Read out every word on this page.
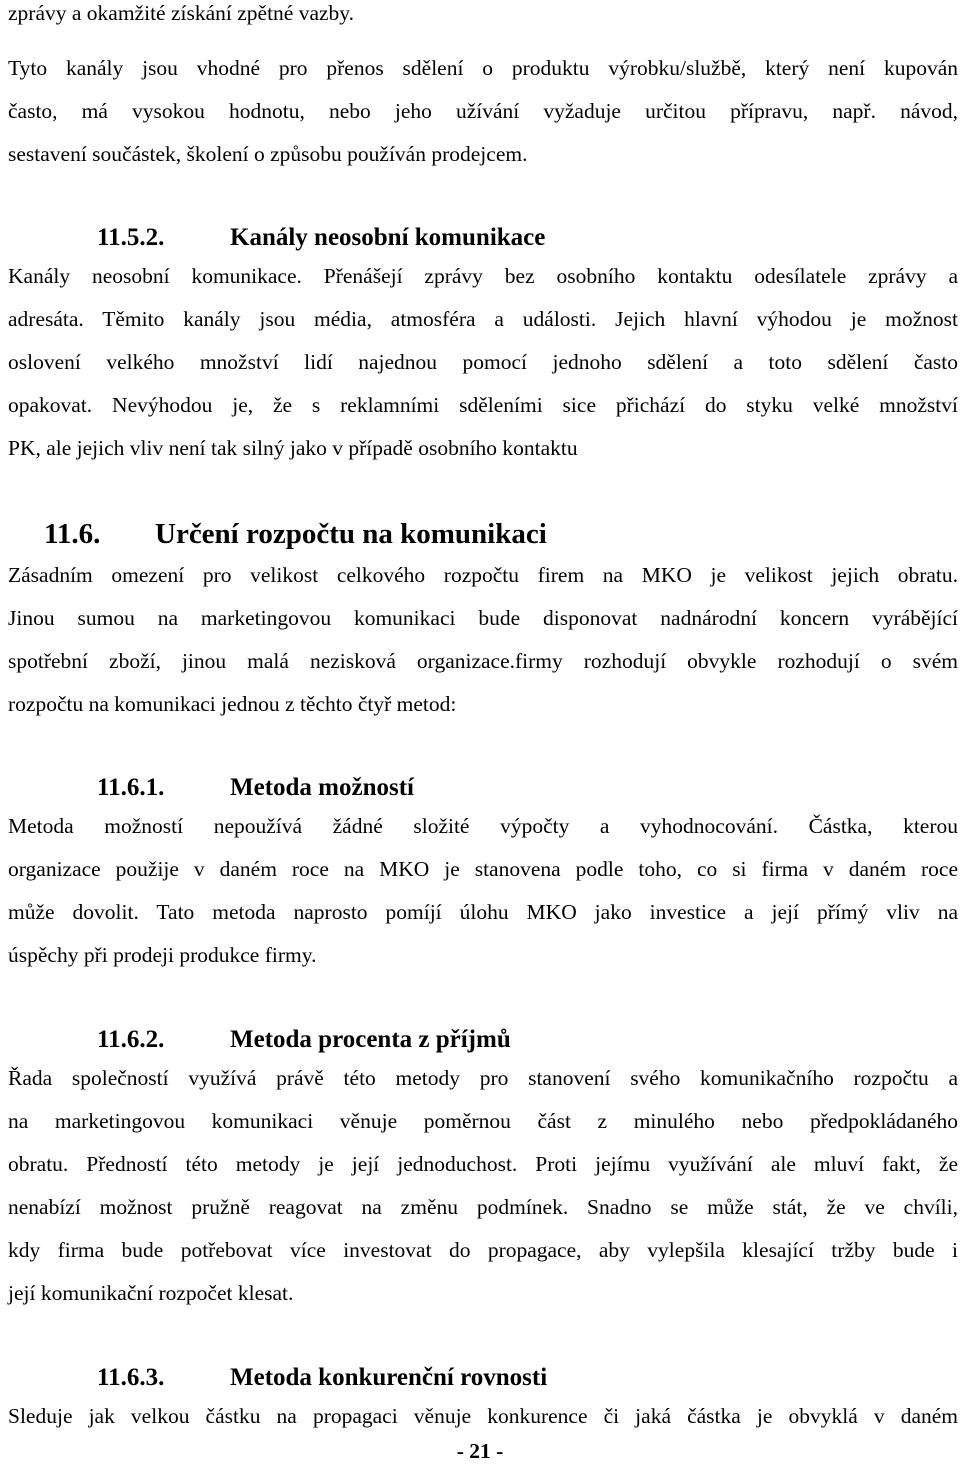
zprávy a okamžité získání zpětné vazby.
Tyto kanály jsou vhodné pro přenos sdělení o produktu výrobku/službě, který není kupován
často, má vysokou hodnotu, nebo jeho užívání vyžaduje určitou přípravu, např. návod,
sestavení součástek, školení o způsobu používán prodejcem.
11.5.2.	Kanály neosobní komunikace
Kanály neosobní komunikace. Přenášejí zprávy bez osobního kontaktu odesílatele zprávy a
adresáta. Těmito kanály jsou média, atmosféra a události. Jejich hlavní výhodou je možnost
oslovení velkého množství lidí najednou pomocí jednoho sdělení a toto sdělení často
opakovat. Nevýhodou je, že s reklamními sděleními sice přichází do styku velké množství
PK, ale jejich vliv není tak silný jako v případě osobního kontaktu
11.6. Určení rozpočtu na komunikaci
Zásadním omezení pro velikost celkového rozpočtu firem na MKO je velikost jejich obratu.
Jinou sumou na marketingovou komunikaci bude disponovat nadnárodní koncern vyrábějící
spotřební zboží, jinou malá nezisková organizace.firmy rozhodují obvykle rozhodují o svém
rozpočtu na komunikaci jednou z těchto čtyř metod:
11.6.1.	Metoda možností
Metoda možností nepoužívá žádné složité výpočty a vyhodnocování. Částka, kterou
organizace použije v daném roce na MKO je stanovena podle toho, co si firma v daném roce
může dovolit. Tato metoda naprosto pomíjí úlohu MKO jako investice a její přímý vliv na
úspěchy při prodeji produkce firmy.
11.6.2.	Metoda procenta z příjmů
Řada společností využívá právě této metody pro stanovení svého komunikačního rozpočtu a
na marketingovou komunikaci věnuje poměrnou část z minulého nebo předpokládaného
obratu. Předností této metody je její jednoduchost. Proti jejímu využívání ale mluví fakt, že
nenabízí možnost pružně reagovat na změnu podmínek. Snadno se může stát, že ve chvíli,
kdy firma bude potřebovat více investovat do propagace, aby vylepšila klesající tržby bude i
její komunikační rozpočet klesat.
11.6.3.	Metoda konkurenční rovnosti
Sleduje jak velkou částku na propagaci věnuje konkurence či jaká částka je obvyklá v daném
- 21 -
